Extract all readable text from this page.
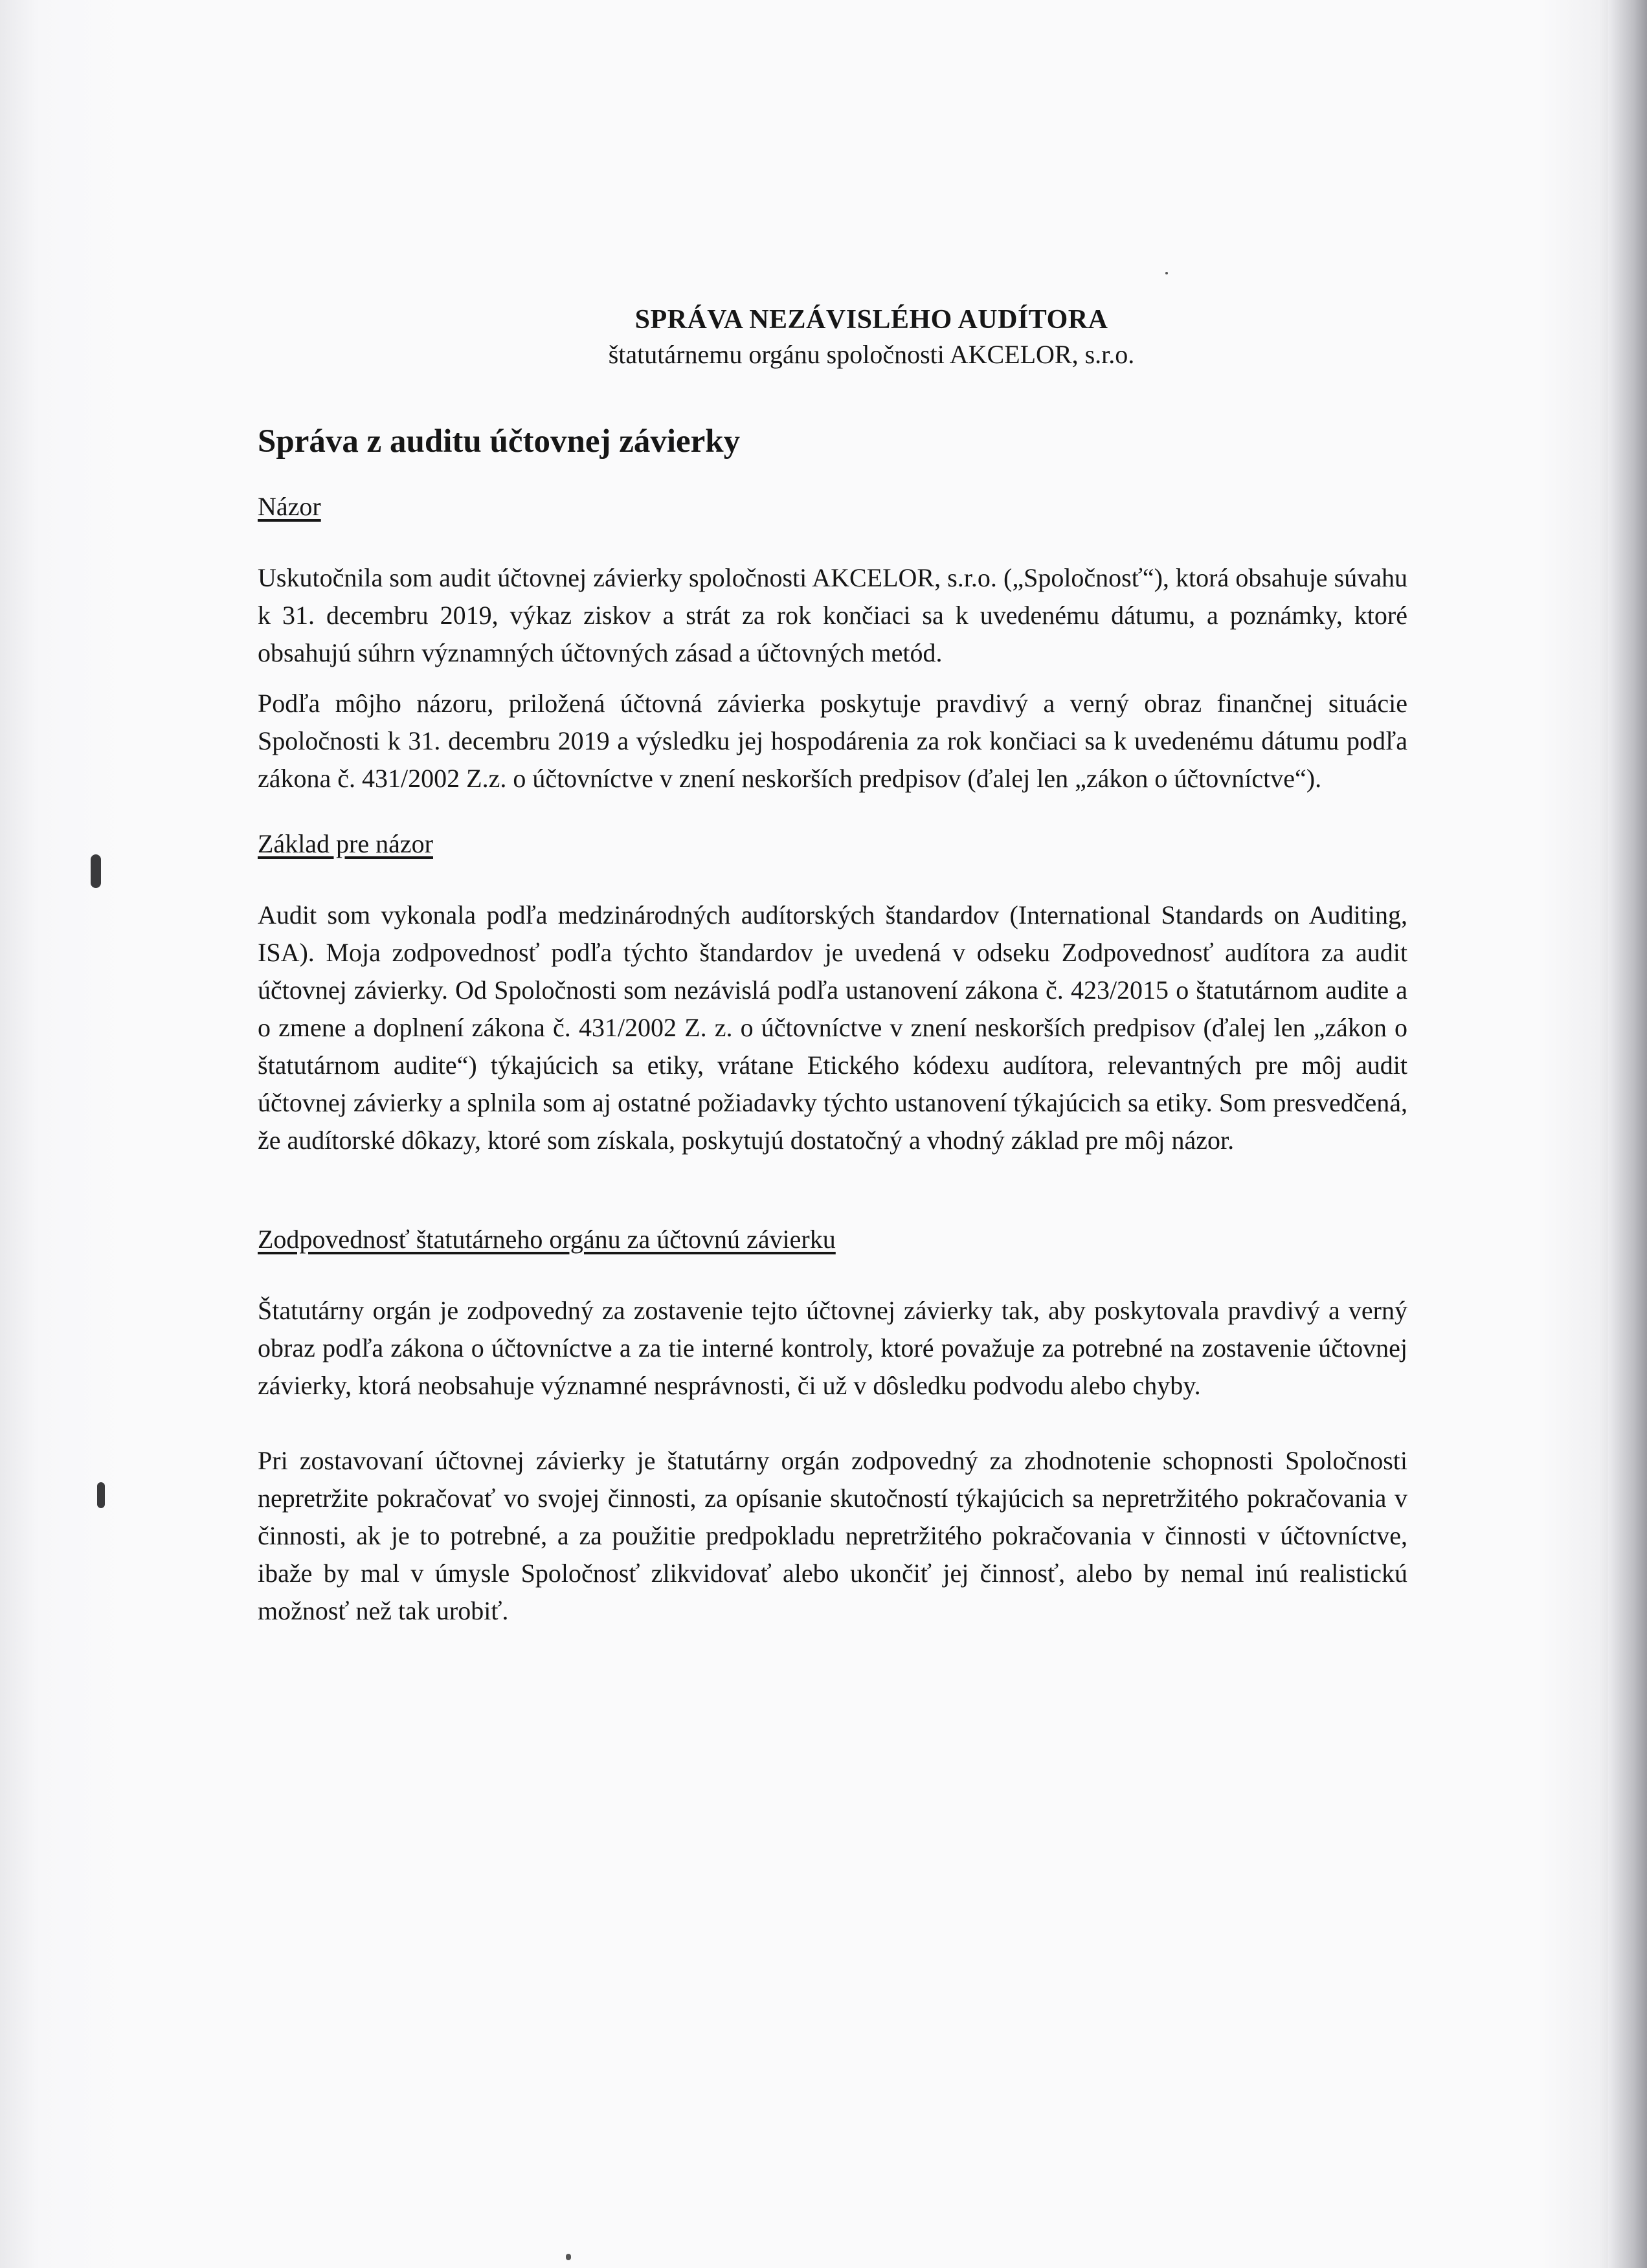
SPRÁVA NEZÁVISLÉHO AUDÍTORA
štatutárnemu orgánu spoločnosti AKCELOR, s.r.o.
Správa z auditu účtovnej závierky
Názor

Uskutočnila som audit účtovnej závierky spoločnosti AKCELOR, s.r.o. („Spoločnosť“), ktorá obsahuje súvahu k 31. decembru 2019, výkaz ziskov a strát za rok končiaci sa k uvedenému dátumu, a poznámky, ktoré obsahujú súhrn významných účtovných zásad a účtovných metód.

Podľa môjho názoru, priložená účtovná závierka poskytuje pravdivý a verný obraz finančnej situácie Spoločnosti k 31. decembru 2019 a výsledku jej hospodárenia za rok končiaci sa k uvedenému dátumu podľa zákona č. 431/2002 Z.z. o účtovníctve v znení neskorších predpisov (ďalej len „zákon o účtovníctve“).

Základ pre názor

Audit som vykonala podľa medzinárodných audítorských štandardov (International Standards on Auditing, ISA). Moja zodpovednosť podľa týchto štandardov je uvedená v odseku Zodpovednosť audítora za audit účtovnej závierky. Od Spoločnosti som nezávislá podľa ustanovení zákona č. 423/2015 o štatutárnom audite a o zmene a doplnení zákona č. 431/2002 Z. z. o účtovníctve v znení neskorších predpisov (ďalej len „zákon o štatutárnom audite“) týkajúcich sa etiky, vrátane Etického kódexu audítora, relevantných pre môj audit účtovnej závierky a splnila som aj ostatné požiadavky týchto ustanovení týkajúcich sa etiky. Som presvedčená, že audítorské dôkazy, ktoré som získala, poskytujú dostatočný a vhodný základ pre môj názor.

Zodpovednosť štatutárneho orgánu za účtovnú závierku

Štatutárny orgán je zodpovedný za zostavenie tejto účtovnej závierky tak, aby poskytovala pravdivý a verný obraz podľa zákona o účtovníctve a za tie interné kontroly, ktoré považuje za potrebné na zostavenie účtovnej závierky, ktorá neobsahuje významné nesprávnosti, či už v dôsledku podvodu alebo chyby.

Pri zostavovaní účtovnej závierky je štatutárny orgán zodpovedný za zhodnotenie schopnosti Spoločnosti nepretržite pokračovať vo svojej činnosti, za opísanie skutočností týkajúcich sa nepretržitého pokračovania v činnosti, ak je to potrebné, a za použitie predpokladu nepretržitého pokračovania v činnosti v účtovníctve, ibaže by mal v úmysle Spoločnosť zlikvidovať alebo ukončiť jej činnosť, alebo by nemal inú realistickú možnosť než tak urobiť.
